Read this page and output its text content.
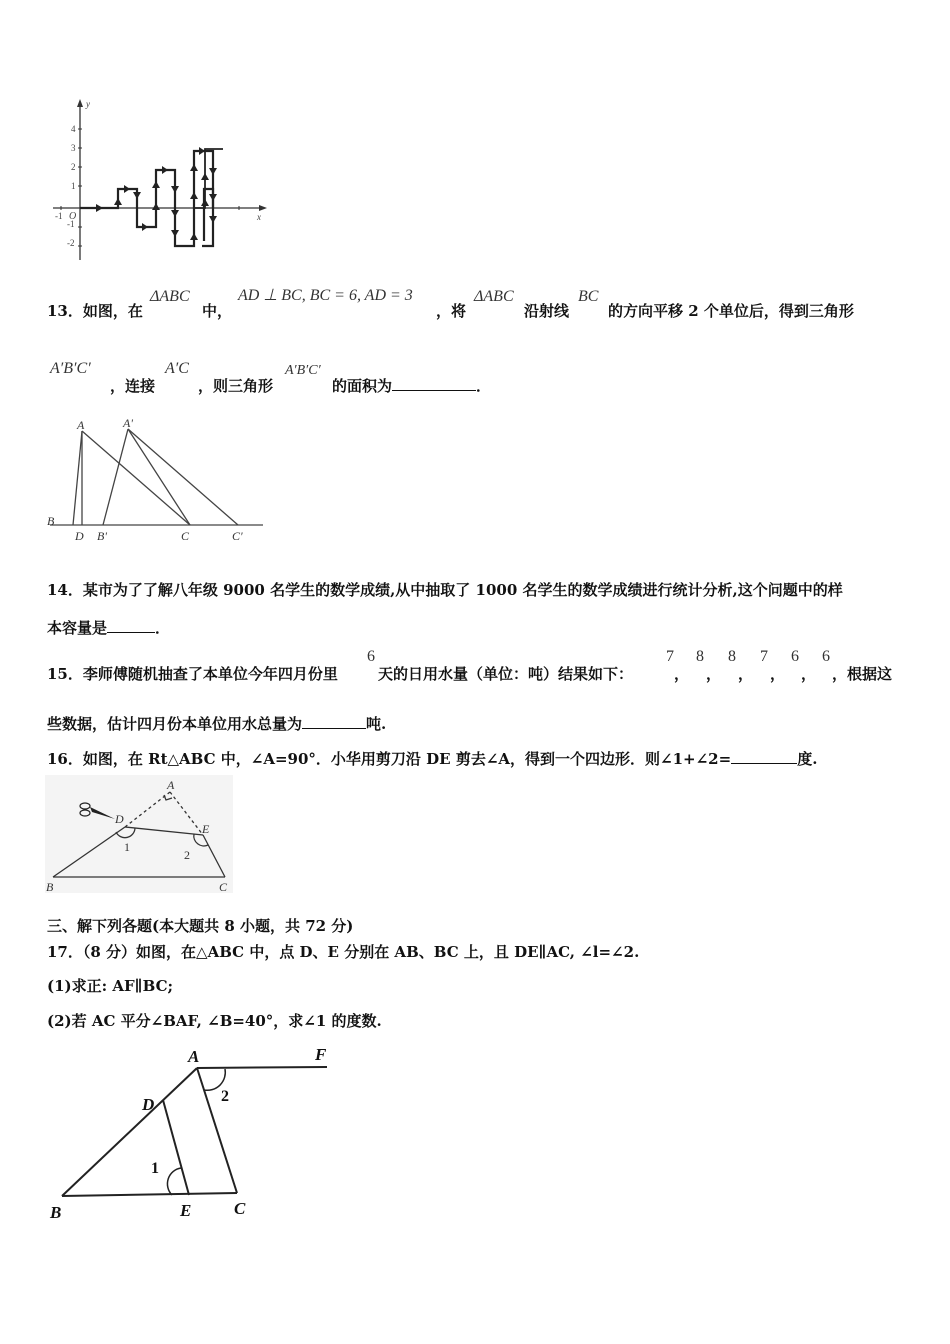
y
x
O
4
3
2
1
-1
-2
-1
13．如图，在
ΔABC
中，
AD ⊥ BC, BC = 6, AD = 3
，将
ΔABC
沿射线
BC
的方向平移 2 个单位后，得到三角形
A′B′C′
，连接
A′C
，则三角形
A′B′C′
的面积为	．
A	A'
B
D B'	C	C'
14．某市为了了解八年级 9000 名学生的数学成绩,从中抽取了 1000 名学生的数学成绩进行统计分析,这个问题中的样
本容量是	．
15．李师傅随机抽查了本单位今年四月份里
6
天的日用水量（单位：吨）结果如下：
7
，
8
，
8
，
7
，
6
，
6
，根据这
些数据，估计四月份本单位用水总量为	吨.
16．如图，在 Rt△ABC 中，∠A=90°．小华用剪刀沿 DE 剪去∠A，得到一个四边形．则∠1+∠2=	度.
A
D
E
B	C
1
2
三、解下列各题(本大题共 8 小题，共 72 分)
17．（8 分）如图，在△ABC 中，点 D、E 分别在 AB、BC 上，且 DE∥AC, ∠l=∠2.
(1)求正: AF∥BC;
(2)若 AC 平分∠BAF, ∠B=40°，求∠1 的度数.
A	F
D
B	E	C
2
1
